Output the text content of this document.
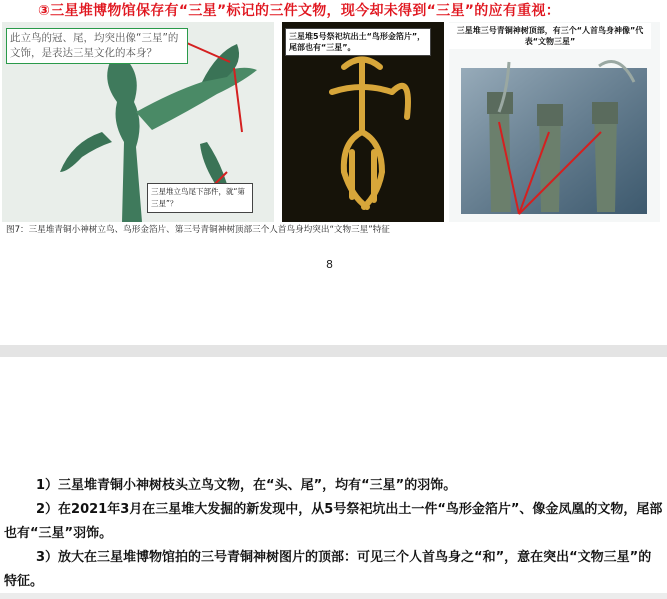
③三星堆博物馆保存有“三星”标记的三件文物，现今却未得到“三星”的应有重视：
此立鸟的冠、尾，均突出像“三星”的文饰，是表达三星文化的本身？
三星堆立鸟尾下部件，就“第三星”？
三星堆5号祭祀坑出土“鸟形金箔片”，尾部也有“三星”。
三星堆三号青铜神树顶部，有三个“人首鸟身神像”代表“文物三星”
图7：三星堆青铜小神树立鸟、鸟形金箔片、第三号青铜神树顶部三个人首鸟身均突出“文物三星”特征
8
1）三星堆青铜小神树枝头立鸟文物，在“头、尾”，均有“三星”的羽饰。
2）在2021年3月在三星堆大发掘的新发现中，从5号祭祀坑出土一件“鸟形金箔片”、像金凤凰的文物，尾部也有“三星”羽饰。
3）放大在三星堆博物馆拍的三号青铜神树图片的顶部：可见三个人首鸟身之“和”，意在突出“文物三星”的特征。
